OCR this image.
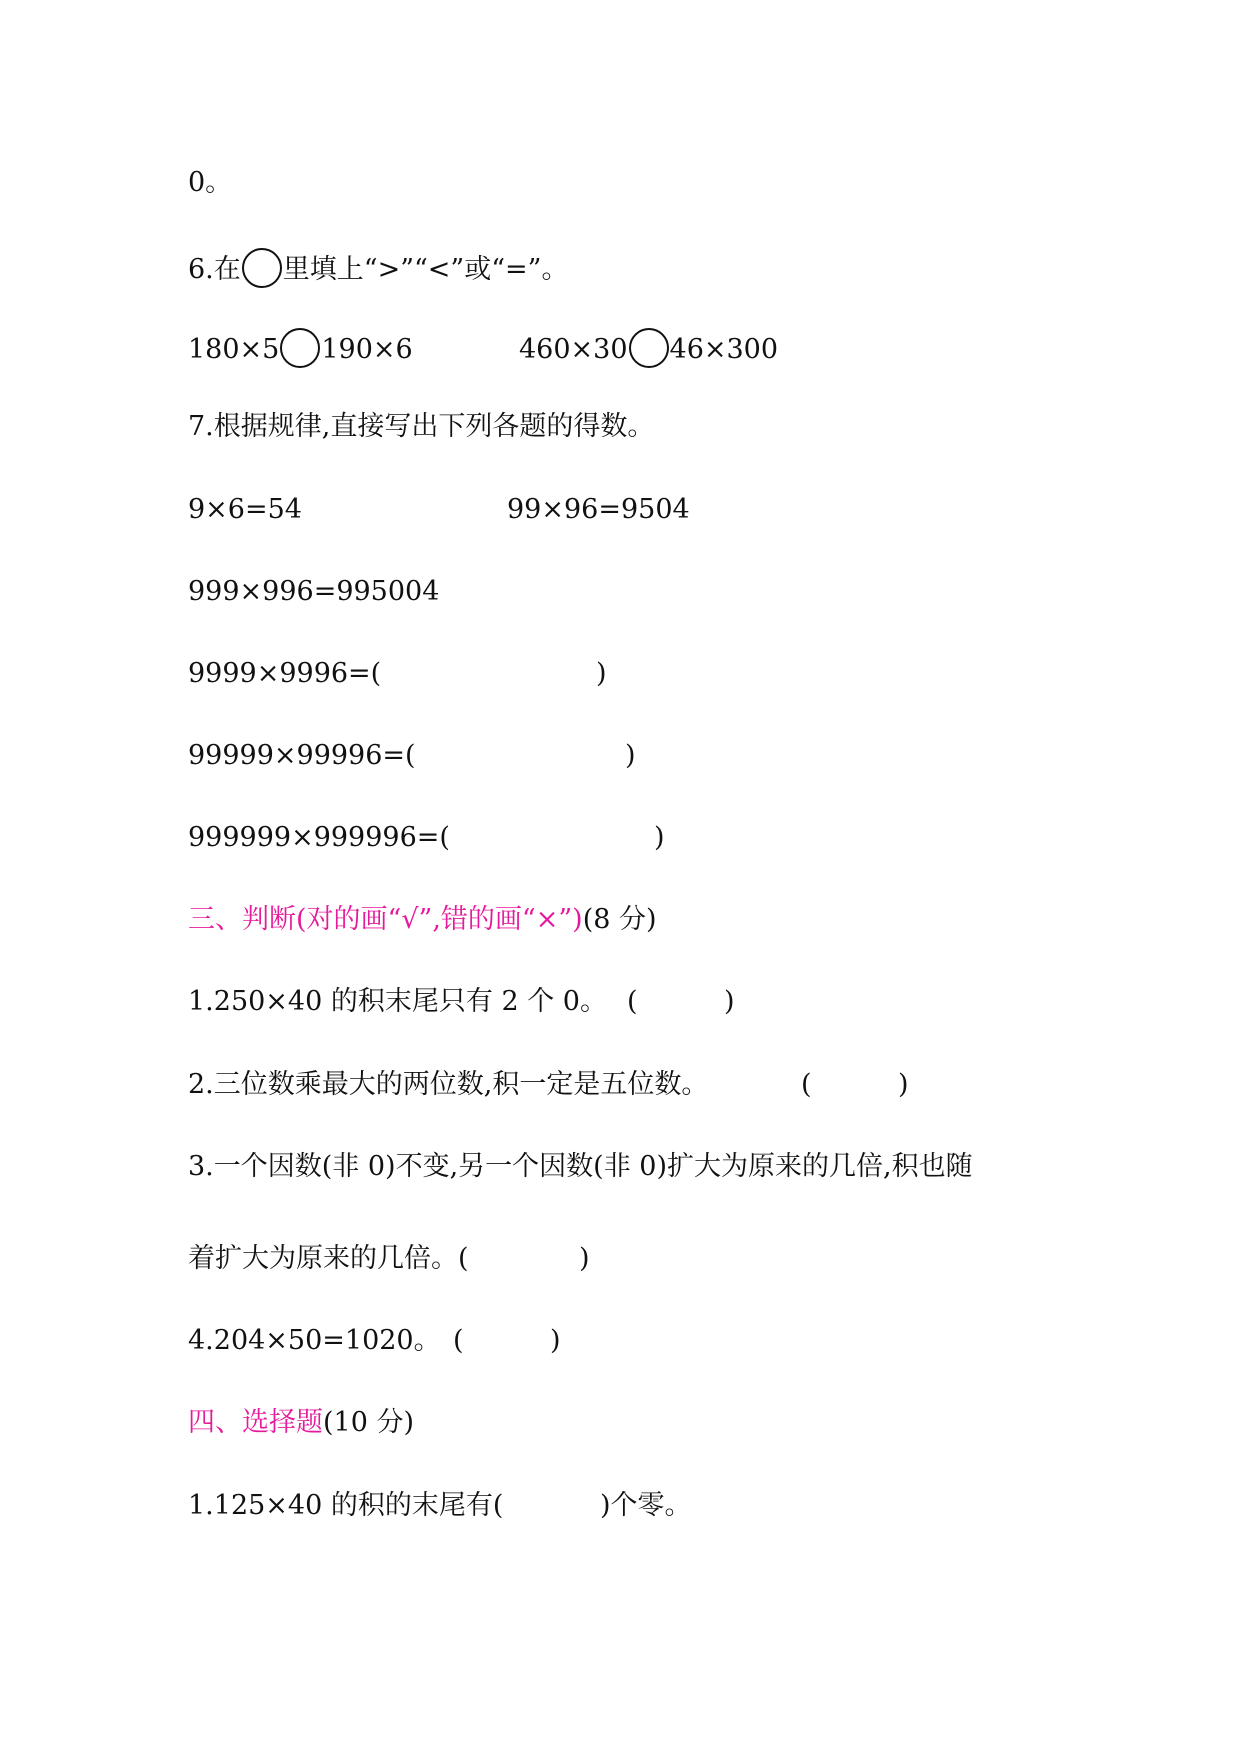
0。
6.在 里填上“>”“<”或“=”。
180×5 190×6	460×30 46×300
7.根据规律,直接写出下列各题的得数。
9×6=54	99×96=9504
999×996=995004
9999×9996=(	)
99999×99996=(	)
999999×999996=(	)
三、判断(对的画“√”,错的画“×”)(8 分)
1.250×40 的积末尾只有 2 个 0。 (	)
2.三位数乘最大的两位数,积一定是五位数。	(	)
3.一个因数(非 0)不变,另一个因数(非 0)扩大为原来的几倍,积也随
着扩大为原来的几倍。(	)
4.204×50=1020。 (	)
四、选择题(10 分)
1.125×40 的积的末尾有(	)个零。
